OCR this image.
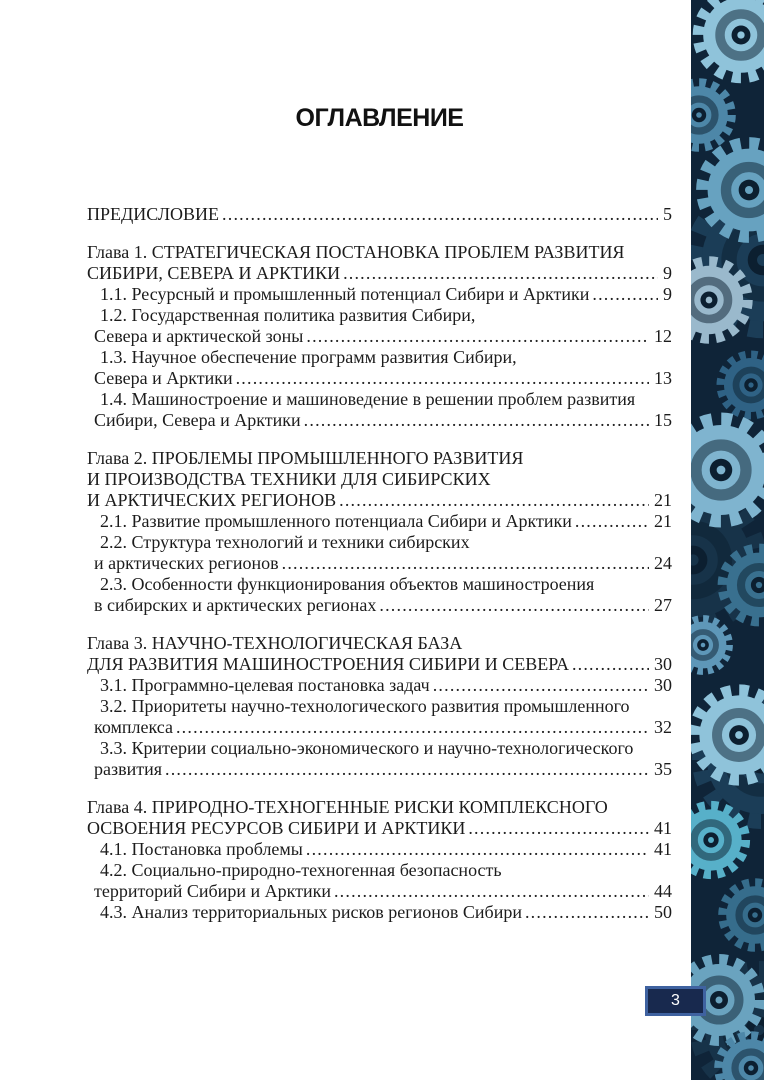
ОГЛАВЛЕНИЕ
ПРЕДИСЛОВИЕ .....	5
Глава 1. СТРАТЕГИЧЕСКАЯ ПОСТАНОВКА ПРОБЛЕМ РАЗВИТИЯ
СИБИРИ, СЕВЕРА И АРКТИКИ .....	9
1.1. Ресурсный и промышленный потенциал Сибири и Арктики .....	9
1.2. Государственная политика развития Сибири,
Севера и арктической зоны .....	12
1.3. Научное обеспечение программ развития Сибири,
Севера и Арктики .....	13
1.4. Машиностроение и машиноведение в решении проблем развития
Сибири, Севера и Арктики .....	15
Глава 2. ПРОБЛЕМЫ ПРОМЫШЛЕННОГО РАЗВИТИЯ
И ПРОИЗВОДСТВА ТЕХНИКИ ДЛЯ СИБИРСКИХ
И АРКТИЧЕСКИХ РЕГИОНОВ .....	21
2.1. Развитие промышленного потенциала Сибири и Арктики .....	21
2.2. Структура технологий и техники сибирских
и арктических регионов .....	24
2.3. Особенности функционирования объектов машиностроения
в сибирских и арктических регионах .....	27
Глава 3. НАУЧНО-ТЕХНОЛОГИЧЕСКАЯ БАЗА
ДЛЯ РАЗВИТИЯ МАШИНОСТРОЕНИЯ СИБИРИ И СЕВЕРА .....	30
3.1. Программно-целевая постановка задач .....	30
3.2. Приоритеты научно-технологического развития промышленного
комплекса .....	32
3.3. Критерии социально-экономического и научно-технологического
развития .....	35
Глава 4. ПРИРОДНО-ТЕХНОГЕННЫЕ РИСКИ КОМПЛЕКСНОГО
ОСВОЕНИЯ РЕСУРСОВ СИБИРИ И АРКТИКИ .....	41
4.1. Постановка проблемы .....	41
4.2. Социально-природно-техногенная безопасность
территорий Сибири и Арктики .....	44
4.3. Анализ территориальных рисков регионов Сибири .....	50
3
